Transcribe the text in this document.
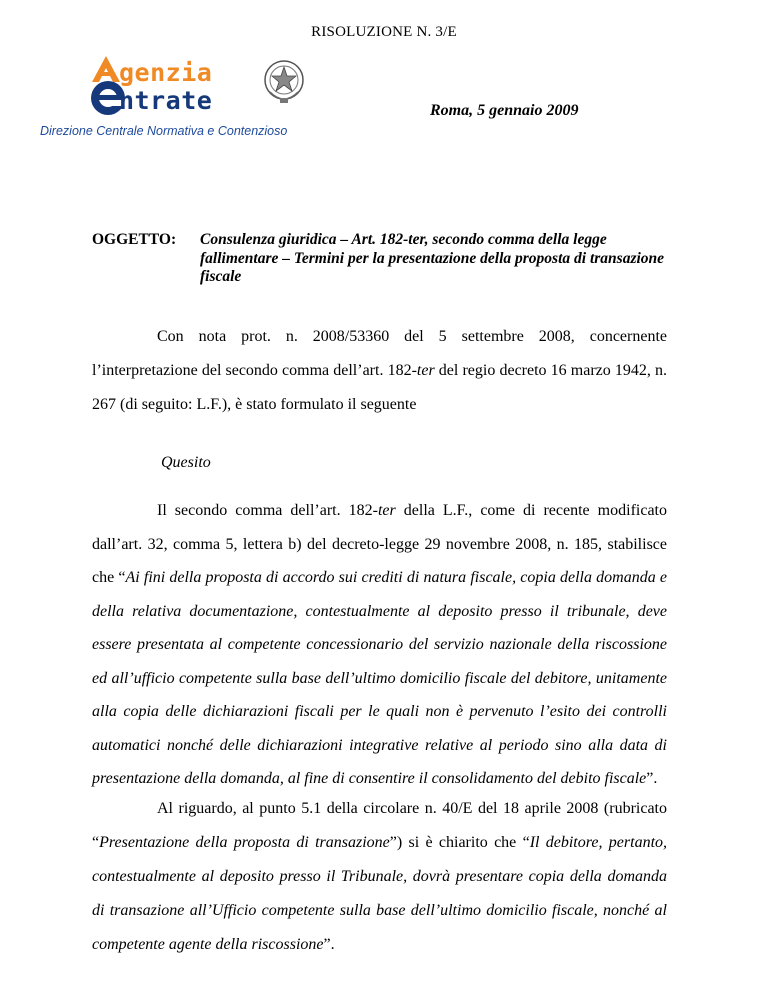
RISOLUZIONE N. 3/E
genzia
ntrate
Direzione Centrale Normativa e Contenzioso
Roma, 5 gennaio 2009
OGGETTO: Consulenza giuridica – Art. 182-ter, secondo comma della legge fallimentare – Termini per la presentazione della proposta di transazione fiscale
Con nota prot. n. 2008/53360 del 5 settembre 2008, concernente l’interpretazione del secondo comma dell’art. 182-ter del regio decreto 16 marzo 1942, n. 267 (di seguito: L.F.), è stato formulato il seguente
Quesito
Il secondo comma dell’art. 182-ter della L.F., come di recente modificato dall’art. 32, comma 5, lettera b) del decreto-legge 29 novembre 2008, n. 185, stabilisce che “Ai fini della proposta di accordo sui crediti di natura fiscale, copia della domanda e della relativa documentazione, contestualmente al deposito presso il tribunale, deve essere presentata al competente concessionario del servizio nazionale della riscossione ed all’ufficio competente sulla base dell’ultimo domicilio fiscale del debitore, unitamente alla copia delle dichiarazioni fiscali per le quali non è pervenuto l’esito dei controlli automatici nonché delle dichiarazioni integrative relative al periodo sino alla data di presentazione della domanda, al fine di consentire il consolidamento del debito fiscale”.
Al riguardo, al punto 5.1 della circolare n. 40/E del 18 aprile 2008 (rubricato “Presentazione della proposta di transazione”) si è chiarito che “Il debitore, pertanto, contestualmente al deposito presso il Tribunale, dovrà presentare copia della domanda di transazione all’Ufficio competente sulla base dell’ultimo domicilio fiscale, nonché al competente agente della riscossione”.
